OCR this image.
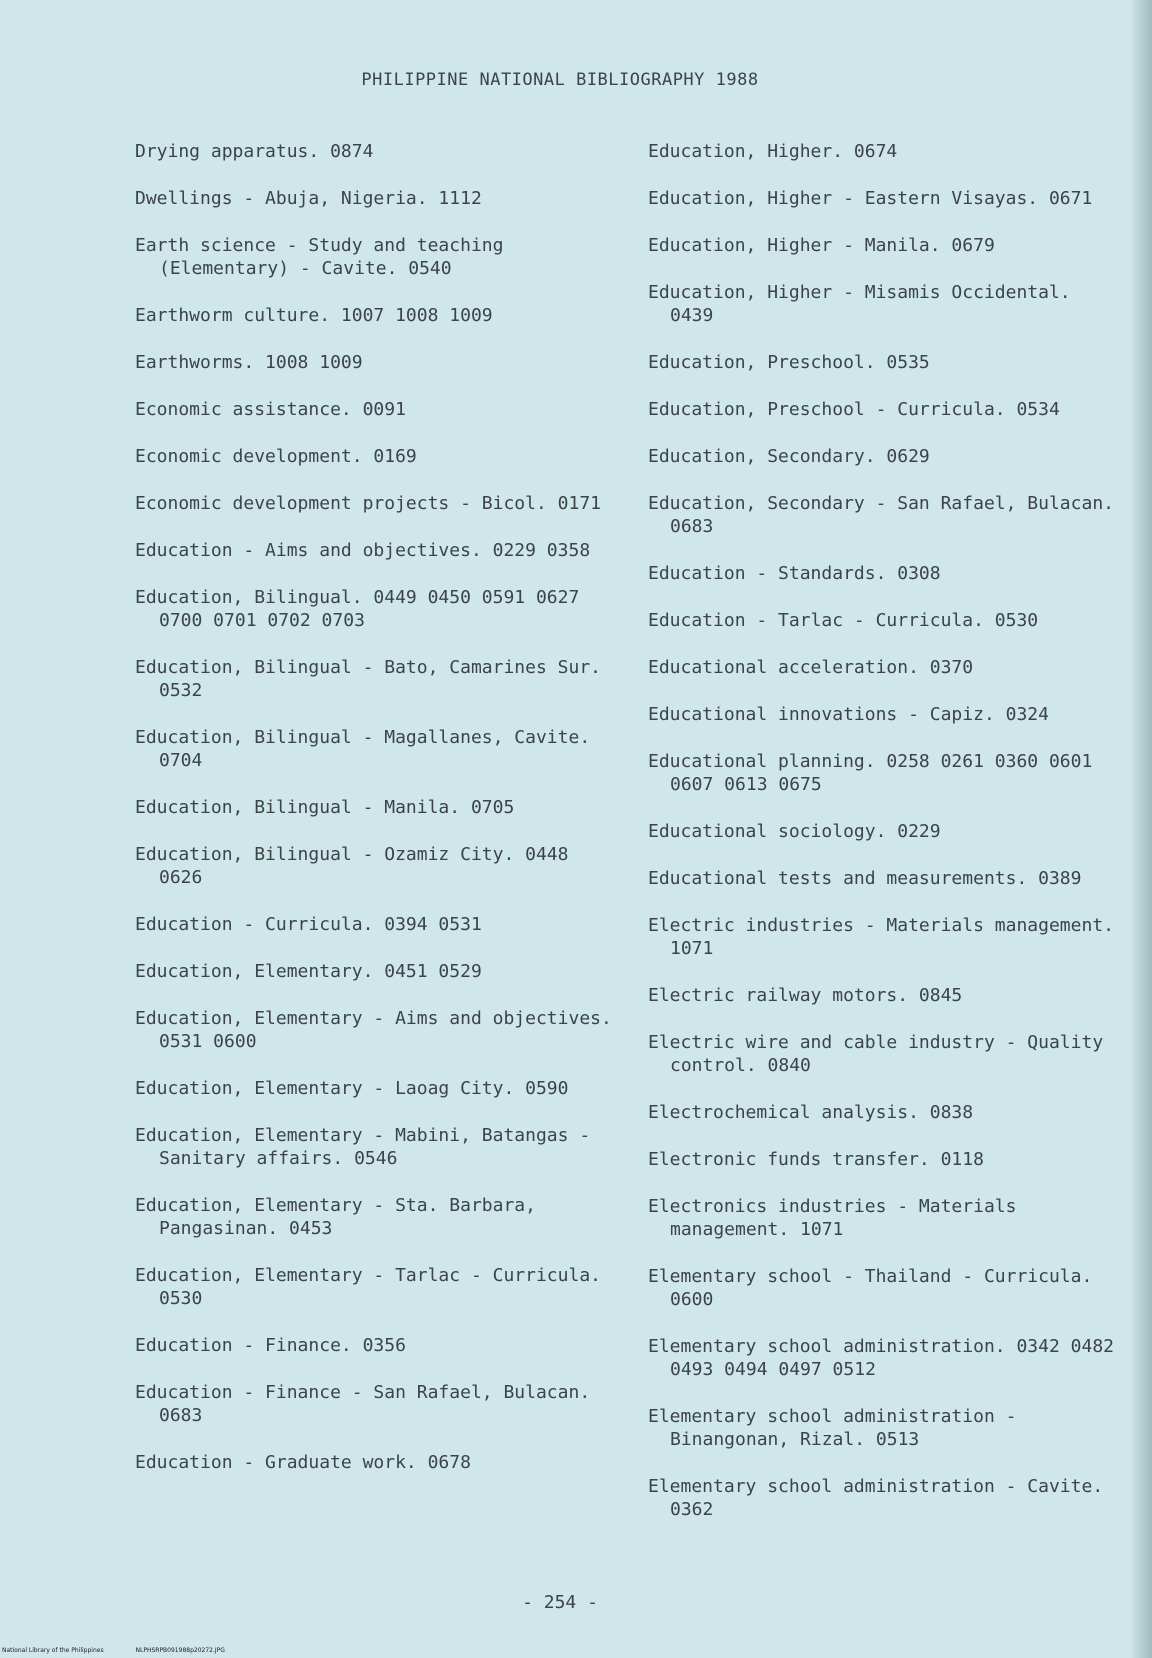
PHILIPPINE NATIONAL BIBLIOGRAPHY 1988
Drying apparatus. 0874
Dwellings - Abuja, Nigeria. 1112
Earth science - Study and teaching (Elementary) - Cavite. 0540
Earthworm culture. 1007 1008 1009
Earthworms. 1008 1009
Economic assistance. 0091
Economic development. 0169
Economic development projects - Bicol. 0171
Education - Aims and objectives. 0229 0358
Education, Bilingual. 0449 0450 0591 0627 0700 0701 0702 0703
Education, Bilingual - Bato, Camarines Sur. 0532
Education, Bilingual - Magallanes, Cavite. 0704
Education, Bilingual - Manila. 0705
Education, Bilingual - Ozamiz City. 0448 0626
Education - Curricula. 0394 0531
Education, Elementary. 0451 0529
Education, Elementary - Aims and objectives. 0531 0600
Education, Elementary - Laoag City. 0590
Education, Elementary - Mabini, Batangas - Sanitary affairs. 0546
Education, Elementary - Sta. Barbara, Pangasinan. 0453
Education, Elementary - Tarlac - Curricula. 0530
Education - Finance. 0356
Education - Finance - San Rafael, Bulacan. 0683
Education - Graduate work. 0678
Education, Higher. 0674
Education, Higher - Eastern Visayas. 0671
Education, Higher - Manila. 0679
Education, Higher - Misamis Occidental. 0439
Education, Preschool. 0535
Education, Preschool - Curricula. 0534
Education, Secondary. 0629
Education, Secondary - San Rafael, Bulacan. 0683
Education - Standards. 0308
Education - Tarlac - Curricula. 0530
Educational acceleration. 0370
Educational innovations - Capiz. 0324
Educational planning. 0258 0261 0360 0601 0607 0613 0675
Educational sociology. 0229
Educational tests and measurements. 0389
Electric industries - Materials management. 1071
Electric railway motors. 0845
Electric wire and cable industry - Quality control. 0840
Electrochemical analysis. 0838
Electronic funds transfer. 0118
Electronics industries - Materials management. 1071
Elementary school - Thailand - Curricula. 0600
Elementary school administration. 0342 0482 0493 0494 0497 0512
Elementary school administration - Binangonan, Rizal. 0513
Elementary school administration - Cavite. 0362
- 254 -
National Library of the Philippines	NLPHSRPB091988p20272.JPG
